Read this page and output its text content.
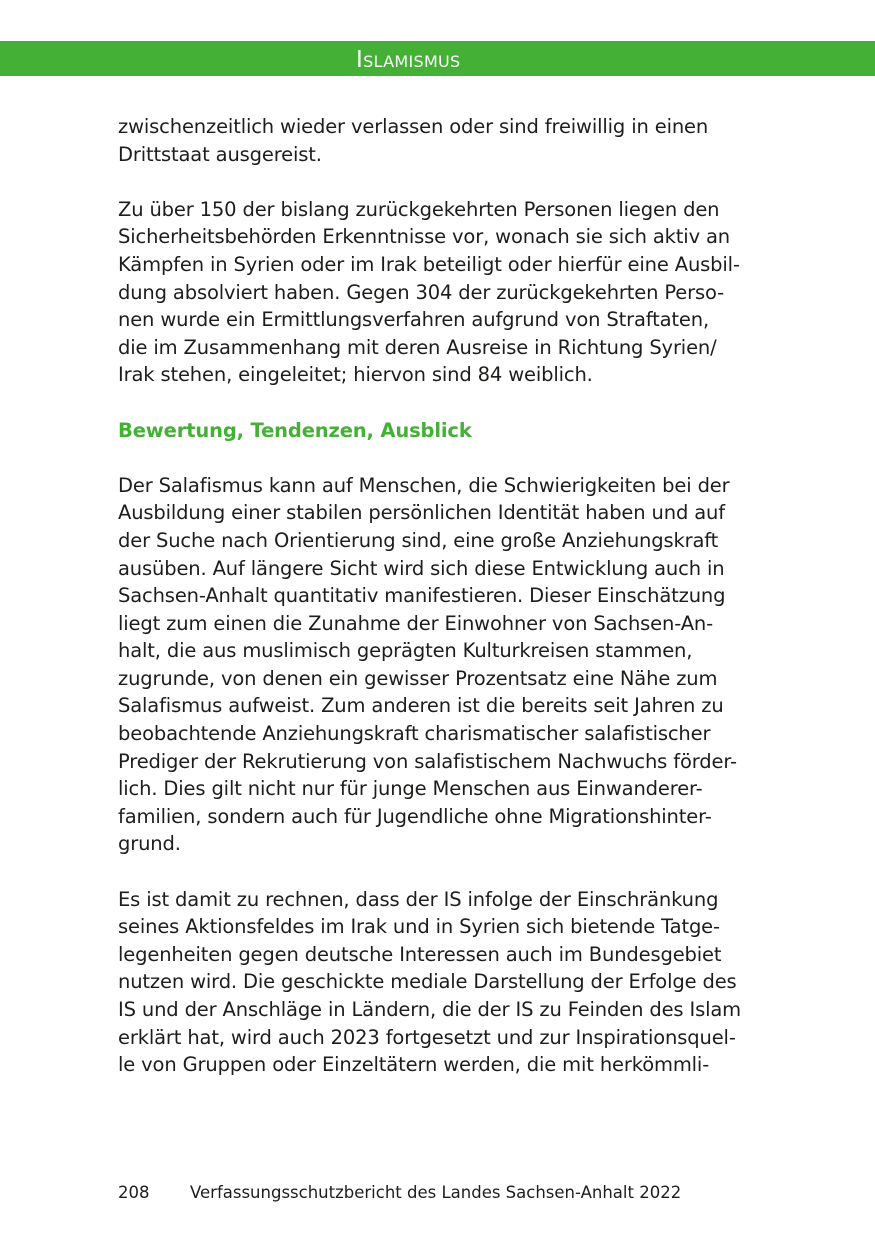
Islamismus

zwischenzeitlich wieder verlassen oder sind freiwillig in einen
Drittstaat ausgereist.

Zu über 150 der bislang zurückgekehrten Personen liegen den
Sicherheitsbehörden Erkenntnisse vor, wonach sie sich aktiv an
Kämpfen in Syrien oder im Irak beteiligt oder hierfür eine Ausbil-
dung absolviert haben. Gegen 304 der zurückgekehrten Perso-
nen wurde ein Ermittlungsverfahren aufgrund von Straftaten,
die im Zusammenhang mit deren Ausreise in Richtung Syrien/
Irak stehen, eingeleitet; hiervon sind 84 weiblich.

Bewertung, Tendenzen, Ausblick

Der Salafismus kann auf Menschen, die Schwierigkeiten bei der
Ausbildung einer stabilen persönlichen Identität haben und auf
der Suche nach Orientierung sind, eine große Anziehungskraft
ausüben. Auf längere Sicht wird sich diese Entwicklung auch in
Sachsen-Anhalt quantitativ manifestieren. Dieser Einschätzung
liegt zum einen die Zunahme der Einwohner von Sachsen-An-
halt, die aus muslimisch geprägten Kulturkreisen stammen,
zugrunde, von denen ein gewisser Prozentsatz eine Nähe zum
Salafismus aufweist. Zum anderen ist die bereits seit Jahren zu
beobachtende Anziehungskraft charismatischer salafistischer
Prediger der Rekrutierung von salafistischem Nachwuchs förder-
lich. Dies gilt nicht nur für junge Menschen aus Einwanderer-
familien, sondern auch für Jugendliche ohne Migrationshinter-
grund.

Es ist damit zu rechnen, dass der IS infolge der Einschränkung
seines Aktionsfeldes im Irak und in Syrien sich bietende Tatge-
legenheiten gegen deutsche Interessen auch im Bundesgebiet
nutzen wird. Die geschickte mediale Darstellung der Erfolge des
IS und der Anschläge in Ländern, die der IS zu Feinden des Islam
erklärt hat, wird auch 2023 fortgesetzt und zur Inspirationsquel-
le von Gruppen oder Einzeltätern werden, die mit herkömmli-

208 Verfassungsschutzbericht des Landes Sachsen-Anhalt 2022
